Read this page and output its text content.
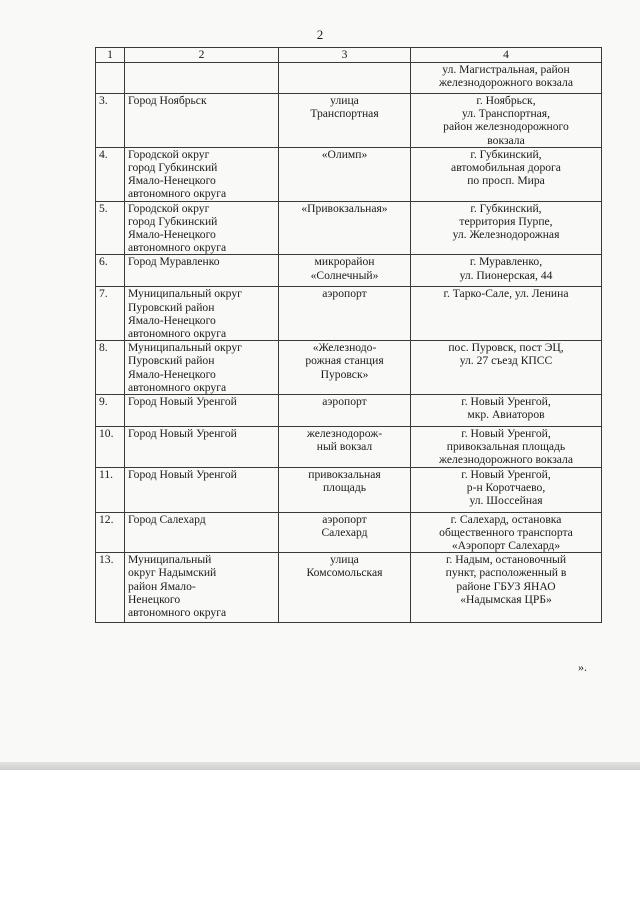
2
1	2	3	4

			ул. Магистральная, район
железнодорожного вокзала

3.	Город Ноябрьск	улица
Транспортная	г. Ноябрьск,
ул. Транспортная,
район железнодорожного
вокзала

4.	Городской округ
город Губкинский
Ямало-Ненецкого
автономного округа	«Олимп»	г. Губкинский,
автомобильная дорога
по просп. Мира

5.	Городской округ
город Губкинский
Ямало-Ненецкого
автономного округа	«Привокзальная»	г. Губкинский,
территория Пурпе,
ул. Железнодорожная

6.	Город Муравленко	микрорайон
«Солнечный»	г. Муравленко,
ул. Пионерская, 44

7.	Муниципальный округ
Пуровский район
Ямало-Ненецкого
автономного округа	аэропорт	г. Тарко-Сале, ул. Ленина

8.	Муниципальный округ
Пуровский район
Ямало-Ненецкого
автономного округа	«Железнодо-
рожная станция
Пуровск»	пос. Пуровск, пост ЭЦ,
ул. 27 съезд КПСС

9.	Город Новый Уренгой	аэропорт	г. Новый Уренгой,
мкр. Авиаторов

10.	Город Новый Уренгой	железнодорож-
ный вокзал	г. Новый Уренгой,
привокзальная площадь
железнодорожного вокзала

11.	Город Новый Уренгой	привокзальная
площадь	г. Новый Уренгой,
р-н Коротчаево,
ул. Шоссейная

12.	Город Салехард	аэропорт
Салехард	г. Салехард, остановка
общественного транспорта
«Аэропорт Салехард»

13.	Муниципальный
округ Надымский
район Ямало-
Ненецкого
автономного округа	улица
Комсомольская	г. Надым, остановочный
пункт, расположенный в
районе ГБУЗ ЯНАО
«Надымская ЦРБ»
».
